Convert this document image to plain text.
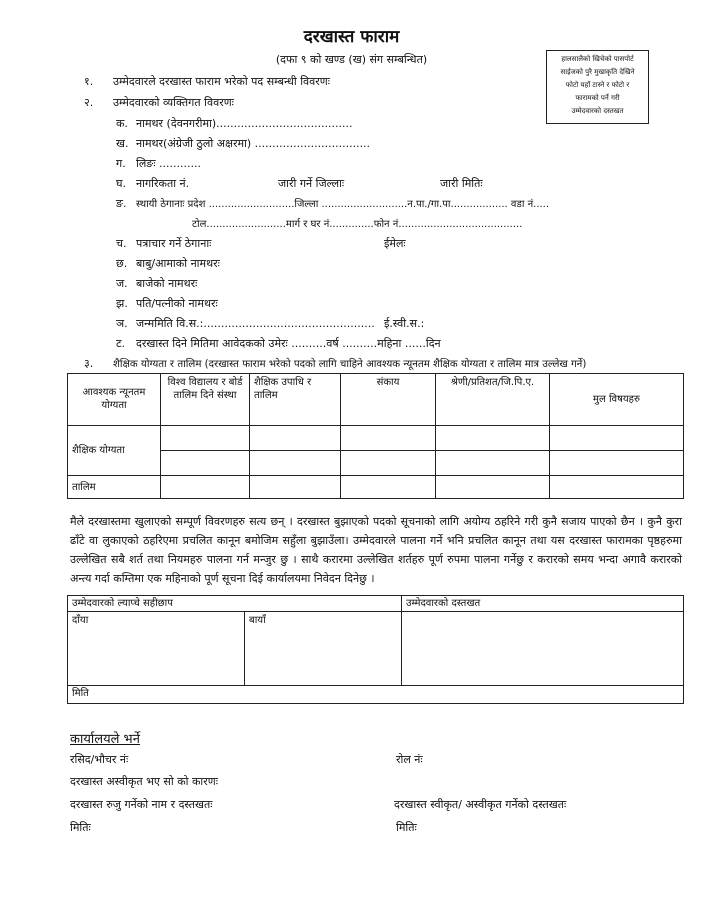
दरखास्त फाराम
(दफा ९ को खण्ड (ख) संग सम्बन्धित)	हालसालैको खिचेको पासपोर्ट
साईजको पुरै मुखाकृति देखिने
फोटो यहाँ टास्ने र फोटो र
फारामको पर्ने गरी
उम्मेदवारको दस्तखत
१. उम्मेदवारले दरखास्त फाराम भरेको पद सम्बन्धी विवरणः
२. उम्मेदवारको व्यक्तिगत विवरणः
क. नामथर (देवनगरीमा).......................................
ख. नामथर(अंग्रेजी ठुलो अक्षरमा) .................................
ग. लिङः ............
घ. नागरिकता नं.	जारी गर्ने जिल्लाः	जारी मितिः
ङ. स्थायी ठेगानाः प्रदेश ...........................जिल्ला ...........................न.पा./गा.पा.................. वडा नं.....
टोल.........................मार्ग र घर नं..............फोन नं.......................................
च. पत्राचार गर्ने ठेगानाः	ईमेलः
छ. बाबु/आमाको नामथरः
ज. बाजेको नामथरः
झ. पति/पत्नीको नामथरः
ञ. जन्ममिति वि.स.:................................................. ई.स्वी.स.:
ट. दरखास्त दिने मितिमा आवेदकको उमेरः ..........वर्ष ..........महिना ......दिन
३. शैक्षिक योग्यता र तालिम (दरखास्त फाराम भरेको पदको लागि चाहिने आवश्यक न्यूनतम शैक्षिक योग्यता र तालिम मात्र उल्लेख गर्ने)
आवश्यक न्यूनतम योग्यता	विश्व विद्यालय र बोर्ड तालिम दिने संस्था	शैक्षिक उपाधि र तालिम	संकाय	श्रेणी/प्रतिशत/जि.पि.ए.	मुल विषयहरु
शैक्षिक योग्यता					

तालिम					
मैले दरखास्तमा खुलाएको सम्पूर्ण विवरणहरु सत्य छन् । दरखास्त बुझाएको पदको सूचनाको लागि अयोग्य ठहरिने गरी कुनै सजाय पाएको छैन । कुनै कुरा ढाँटे वा लुकाएको ठहरिएमा प्रचलित कानून बमोजिम सहुँला बुझाउँला। उम्मेदवारले पालना गर्ने भनि प्रचलित कानून तथा यस दरखास्त फारामका पृष्ठहरुमा उल्लेखित सबै शर्त तथा नियमहरु पालना गर्न मन्जुर छु । साथै करारमा उल्लेखित शर्तहरु पूर्ण रुपमा पालना गर्नेछु र करारको समय भन्दा अगावै करारको अन्त्य गर्दा कम्तिमा एक महिनाको पूर्ण सूचना दिई कार्यालयमा निवेदन दिनेछु ।
उम्मेदवारको ल्याप्चे सहीछाप		उम्मेदवारको दस्तखत
दाँया	बायाँ	
मिति		
कार्यालयले भर्ने
रसिद/भौचर नंः	रोल नंः
दरखास्त अस्वीकृत भए सो को कारणः
दरखास्त रुजु गर्नेको नाम र दस्तखतः	दरखास्त स्वीकृत/ अस्वीकृत गर्नेको दस्तखतः
मितिः	मितिः
